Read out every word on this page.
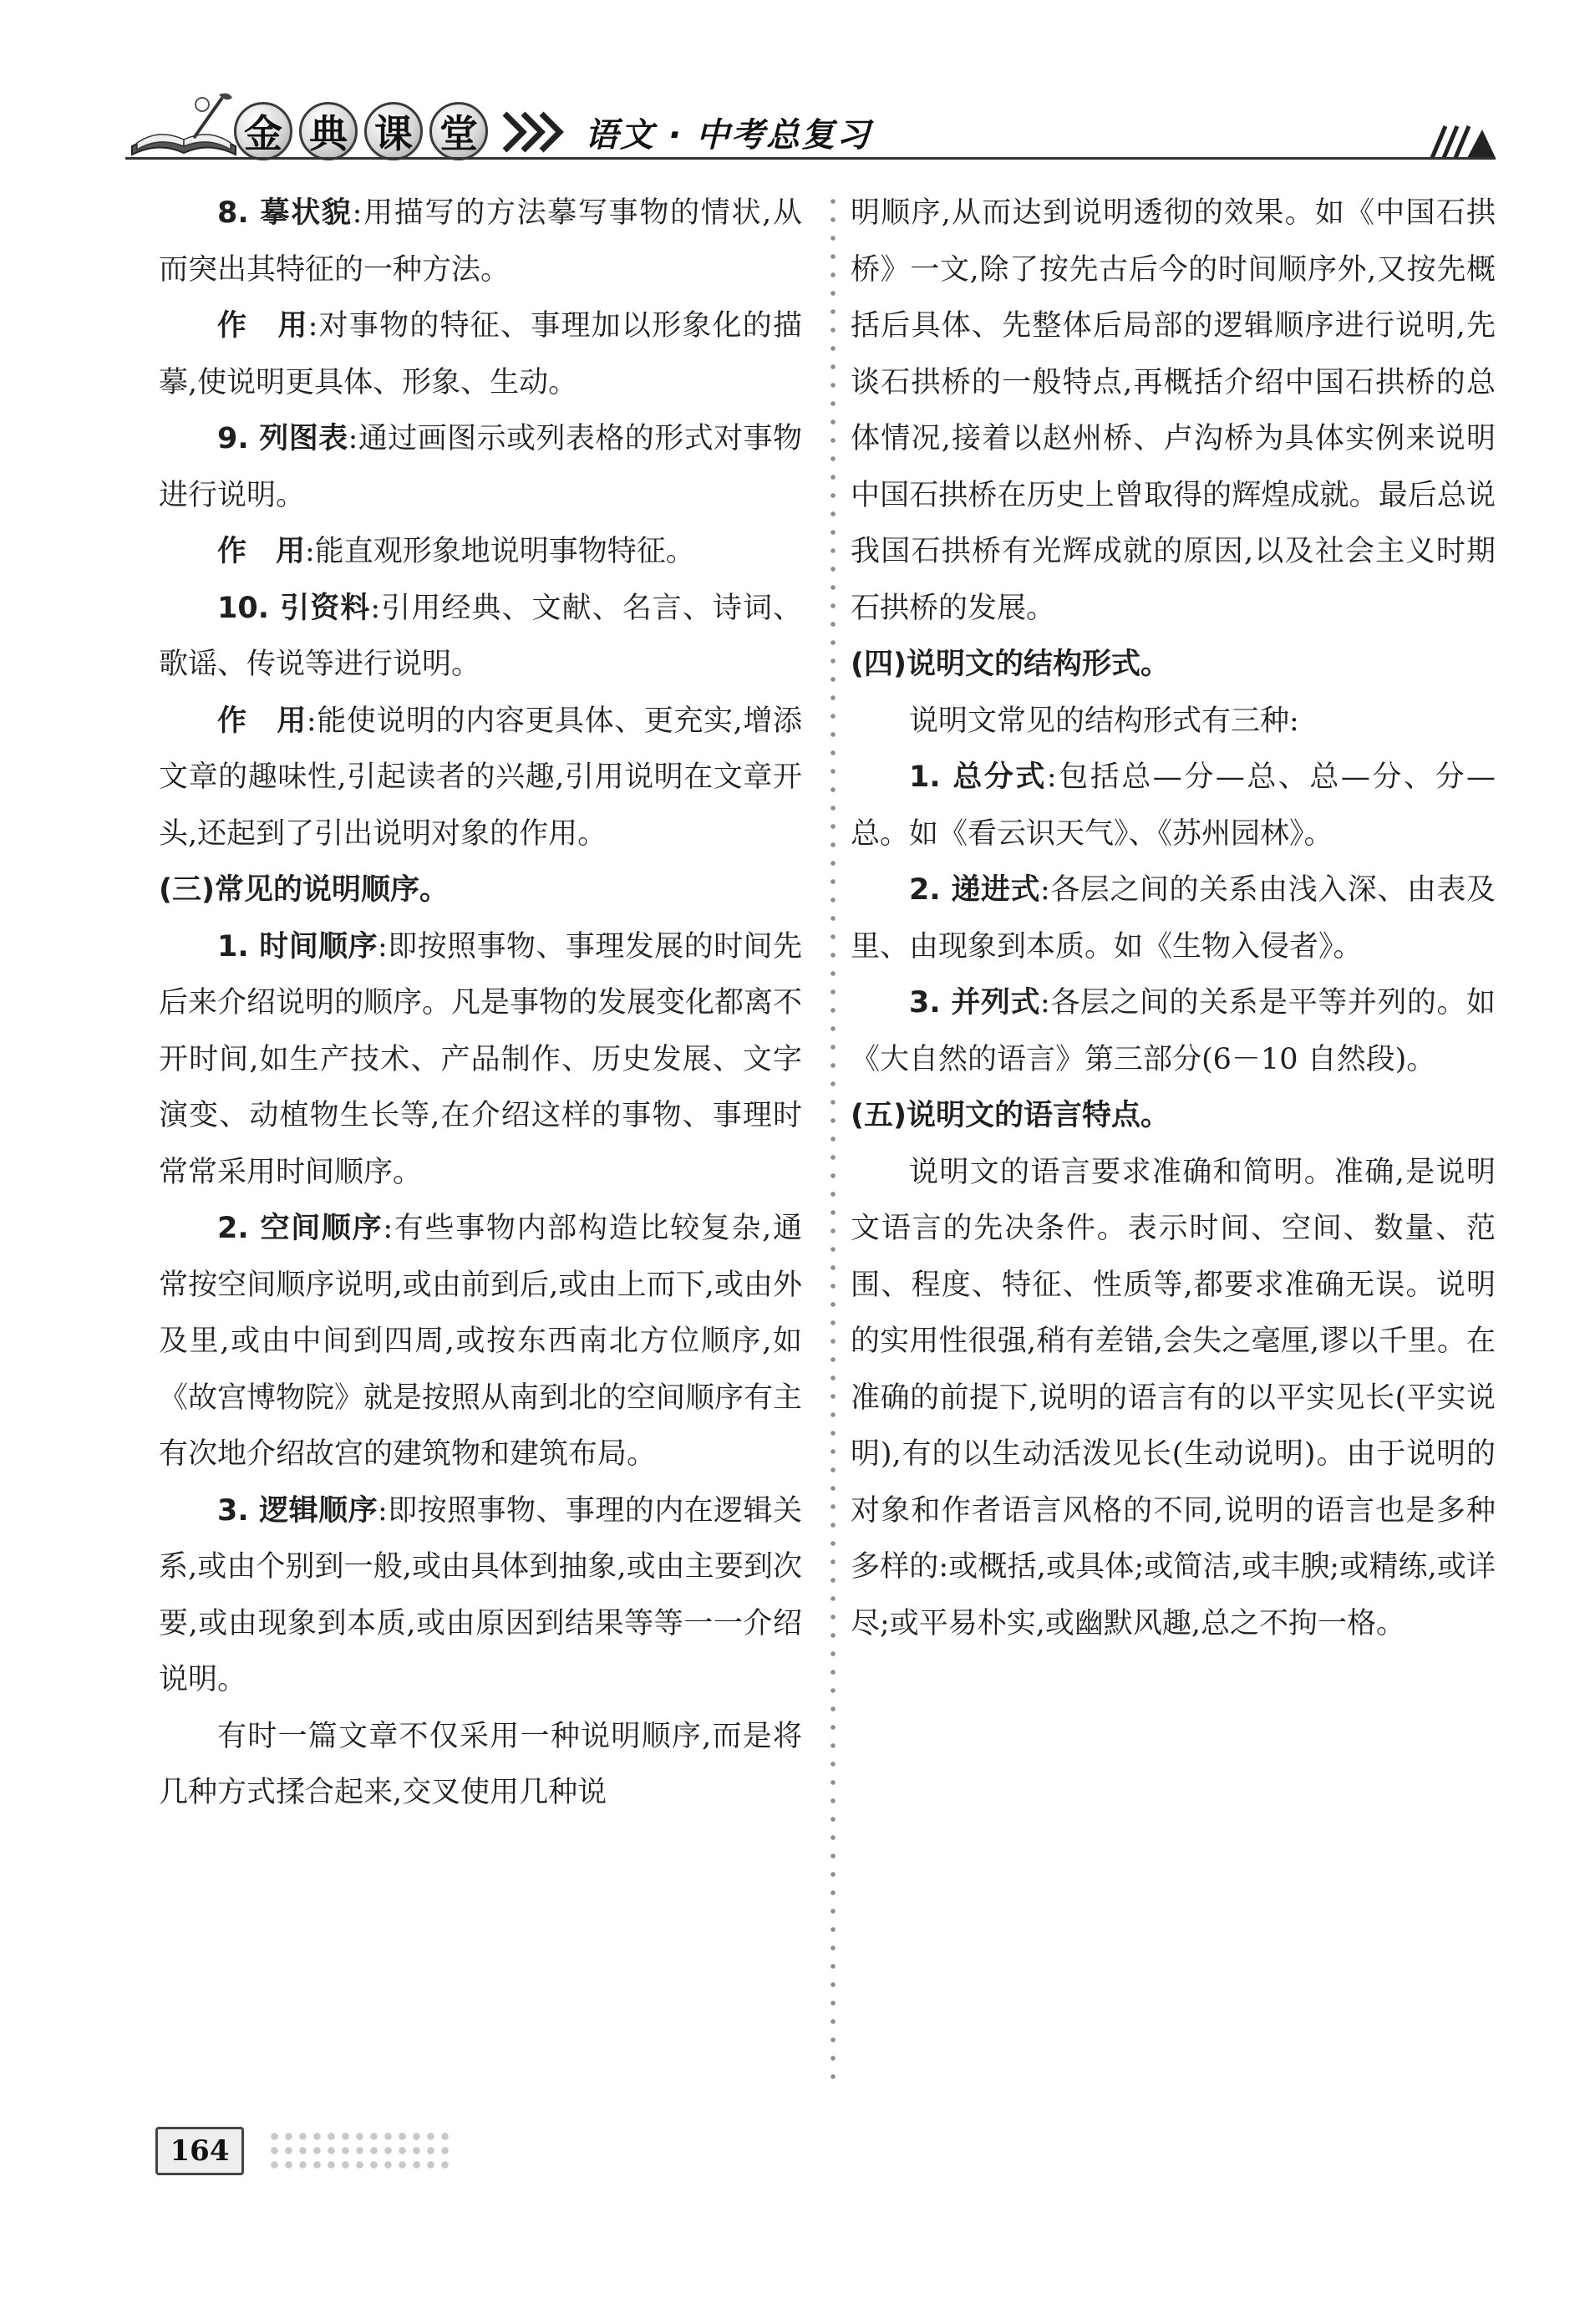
金 典 课 堂	语文 · 中考总复习

8. 摹状貌:用描写的方法摹写事物的情状,从而突出其特征的一种方法。

作　用:对事物的特征、事理加以形象化的描摹,使说明更具体、形象、生动。

9. 列图表:通过画图示或列表格的形式对事物进行说明。

作　用:能直观形象地说明事物特征。

10. 引资料:引用经典、文献、名言、诗词、歌谣、传说等进行说明。

作　用:能使说明的内容更具体、更充实,增添文章的趣味性,引起读者的兴趣,引用说明在文章开头,还起到了引出说明对象的作用。

(三)常见的说明顺序。

1. 时间顺序:即按照事物、事理发展的时间先后来介绍说明的顺序。凡是事物的发展变化都离不开时间,如生产技术、产品制作、历史发展、文字演变、动植物生长等,在介绍这样的事物、事理时常常采用时间顺序。

2. 空间顺序:有些事物内部构造比较复杂,通常按空间顺序说明,或由前到后,或由上而下,或由外及里,或由中间到四周,或按东西南北方位顺序,如《故宫博物院》就是按照从南到北的空间顺序有主有次地介绍故宫的建筑物和建筑布局。

3. 逻辑顺序:即按照事物、事理的内在逻辑关系,或由个别到一般,或由具体到抽象,或由主要到次要,或由现象到本质,或由原因到结果等等一一介绍说明。

有时一篇文章不仅采用一种说明顺序,而是将几种方式揉合起来,交叉使用几种说

明顺序,从而达到说明透彻的效果。如《中国石拱桥》一文,除了按先古后今的时间顺序外,又按先概括后具体、先整体后局部的逻辑顺序进行说明,先谈石拱桥的一般特点,再概括介绍中国石拱桥的总体情况,接着以赵州桥、卢沟桥为具体实例来说明中国石拱桥在历史上曾取得的辉煌成就。最后总说我国石拱桥有光辉成就的原因,以及社会主义时期石拱桥的发展。

(四)说明文的结构形式。

说明文常见的结构形式有三种:

1. 总分式:包括总—分—总、总—分、分—总。如《看云识天气》、《苏州园林》。

2. 递进式:各层之间的关系由浅入深、由表及里、由现象到本质。如《生物入侵者》。

3. 并列式:各层之间的关系是平等并列的。如《大自然的语言》第三部分(6－10 自然段)。

(五)说明文的语言特点。

说明文的语言要求准确和简明。准确,是说明文语言的先决条件。表示时间、空间、数量、范围、程度、特征、性质等,都要求准确无误。说明的实用性很强,稍有差错,会失之毫厘,谬以千里。在准确的前提下,说明的语言有的以平实见长(平实说明),有的以生动活泼见长(生动说明)。由于说明的对象和作者语言风格的不同,说明的语言也是多种多样的:或概括,或具体;或简洁,或丰腴;或精练,或详尽;或平易朴实,或幽默风趣,总之不拘一格。

164
